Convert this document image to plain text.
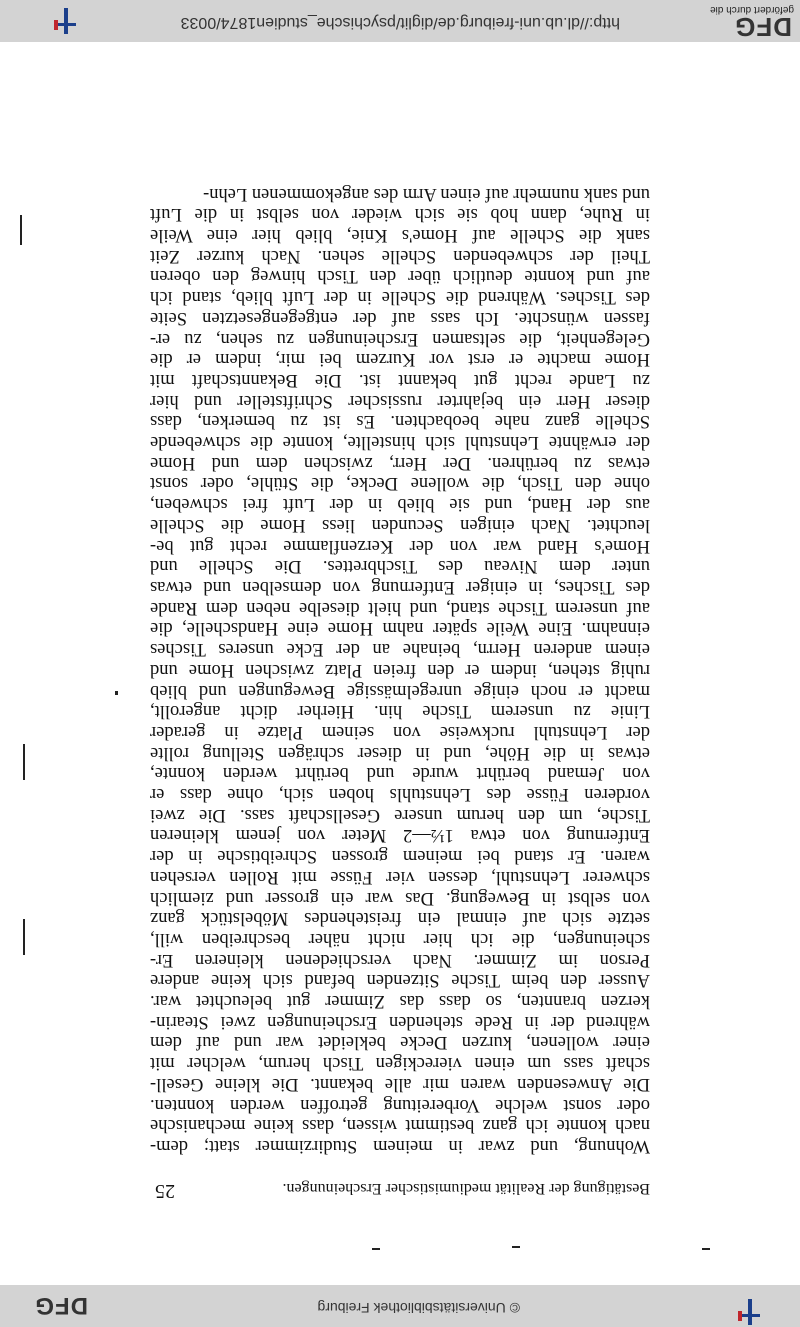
© Universitätsbibliothek Freiburg
DFG
Bestätigung der Realität mediumistischer Erscheinungen.
25
Wohnung, und zwar in meinem Studirzimmer statt; dem-
nach konnte ich ganz bestimmt wissen, dass keine mechanische
oder sonst welche Vorbereitung getroffen werden konnten.
Die Anwesenden waren mir alle bekannt. Die kleine Gesell-
schaft sass um einen viereckigen Tisch herum, welcher mit
einer wollenen, kurzen Decke bekleidet war und auf dem
während der in Rede stehenden Erscheinungen zwei Stearin-
kerzen brannten, so dass das Zimmer gut beleuchtet war.
Ausser den beim Tische Sitzenden befand sich keine andere
Person im Zimmer. Nach verschiedenen kleineren Er-
scheinungen, die ich hier nicht näher beschreiben will,
setzte sich auf einmal ein freistehendes Möbelstück ganz
von selbst in Bewegung. Das war ein grosser und ziemlich
schwerer Lehnstuhl, dessen vier Füsse mit Rollen versehen
waren. Er stand bei meinem grossen Schreibtische in der
Entfernung von etwa 1½—2 Meter von jenem kleineren
Tische, um den herum unsere Gesellschaft sass. Die zwei
vorderen Füsse des Lehnstuhls hoben sich, ohne dass er
von Jemand berührt wurde und berührt werden konnte,
etwas in die Höhe, und in dieser schrägen Stellung rollte
der Lehnstuhl ruckweise von seinem Platze in gerader
Linie zu unserem Tische hin. Hierher dicht angerollt,
macht er noch einige unregelmässige Bewegungen und blieb
ruhig stehen, indem er den freien Platz zwischen Home und
einem anderen Herrn, beinahe an der Ecke unseres Tisches
einnahm. Eine Weile später nahm Home eine Handschelle, die
auf unserem Tische stand, und hielt dieselbe neben dem Rande
des Tisches, in einiger Entfernung von demselben und etwas
unter dem Niveau des Tischbrettes. Die Schelle und
Home's Hand war von der Kerzenflamme recht gut be-
leuchtet. Nach einigen Secunden liess Home die Schelle
aus der Hand, und sie blieb in der Luft frei schweben,
ohne den Tisch, die wollene Decke, die Stühle, oder sonst
etwas zu berühren. Der Herr, zwischen dem und Home
der erwähnte Lehnstuhl sich hinstellte, konnte die schwebende
Schelle ganz nahe beobachten. Es ist zu bemerken, dass
dieser Herr ein bejahrter russischer Schriftsteller und hier
zu Lande recht gut bekannt ist. Die Bekanntschaft mit
Home machte er erst vor Kurzem bei mir, indem er die
Gelegenheit, die seltsamen Erscheinungen zu sehen, zu er-
fassen wünschte. Ich sass auf der entgegengesetzten Seite
des Tisches. Während die Schelle in der Luft blieb, stand ich
auf und konnte deutlich über den Tisch hinweg den oberen
Theil der schwebenden Schelle sehen. Nach kurzer Zeit
sank die Schelle auf Home's Knie, blieb hier eine Weile
in Ruhe, dann hob sie sich wieder von selbst in die Luft
und sank nunmehr auf einen Arm des angekommenen Lehn-
http://dl.ub.uni-freiburg.de/diglit/psychische_studien1874/0033
gefördert durch die
DFG
